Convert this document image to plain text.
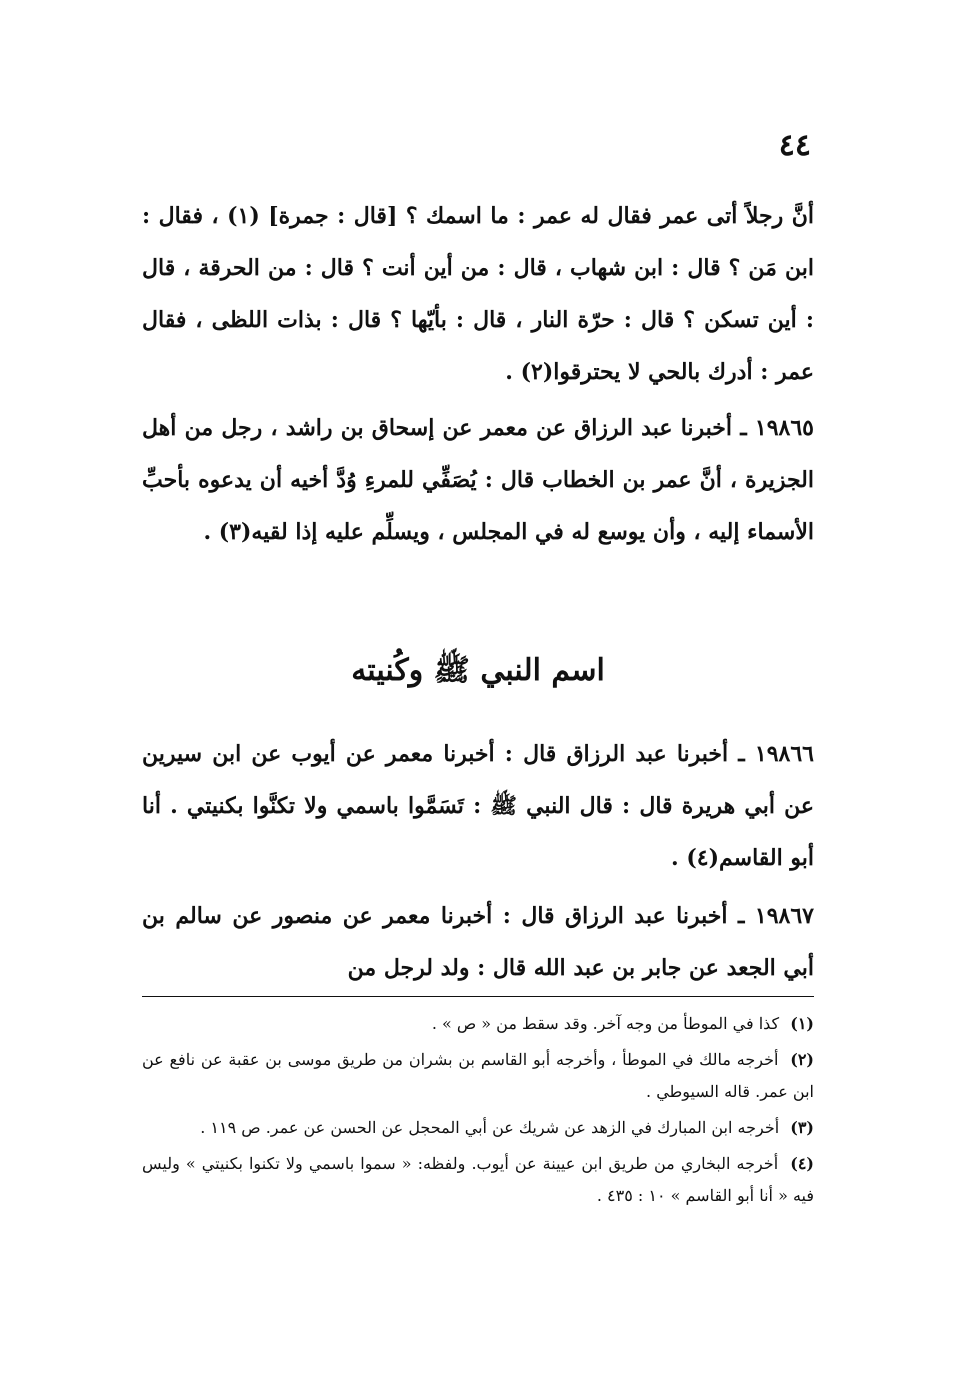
٤٤

أنَّ رجلاً أتى عمر فقال له عمر : ما اسمك ؟ [قال : جمرة] (١) ، فقال : ابن مَن ؟ قال : ابن شهاب ، قال : من أين أنت ؟ قال : من الحرقة ، قال : أين تسكن ؟ قال : حرّة النار ، قال : بأيّها ؟ قال : بذات اللظى ، فقال عمر : أدرك بالحي لا يحترقوا(٢) .

١٩٨٦٥ ـ أخبرنا عبد الرزاق عن معمر عن إسحاق بن راشد ، رجل من أهل الجزيرة ، أنَّ عمر بن الخطاب قال : يُصَفِّي للمرءِ وُدَّ أخيه أن يدعوه بأحبِّ الأسماء إليه ، وأن يوسع له في المجلس ، ويسلِّم عليه إذا لقيه(٣) .

اسم النبي ﷺ وكُنيته

١٩٨٦٦ ـ أخبرنا عبد الرزاق قال : أخبرنا معمر عن أيوب عن ابن سيرين عن أبي هريرة قال : قال النبي ﷺ : تَسَمَّوا باسمي ولا تكنَّوا بكنيتي . أنا أبو القاسم(٤) .

١٩٨٦٧ ـ أخبرنا عبد الرزاق قال : أخبرنا معمر عن منصور عن سالم بن أبي الجعد عن جابر بن عبد الله قال : ولد لرجل من

(١) كذا في الموطأ من وجه آخر. وقد سقط من « ص » .

(٢) أخرجه مالك في الموطأ ، وأخرجه أبو القاسم بن بشران من طريق موسى بن عقبة عن نافع عن ابن عمر. قاله السيوطي .

(٣) أخرجه ابن المبارك في الزهد عن شريك عن أبي المحجل عن الحسن عن عمر. ص ١١٩ .

(٤) أخرجه البخاري من طريق ابن عيينة عن أيوب. ولفظه: « سموا باسمي ولا تكنوا بكنيتي » وليس فيه « أنا أبو القاسم » ١٠ : ٤٣٥ .
